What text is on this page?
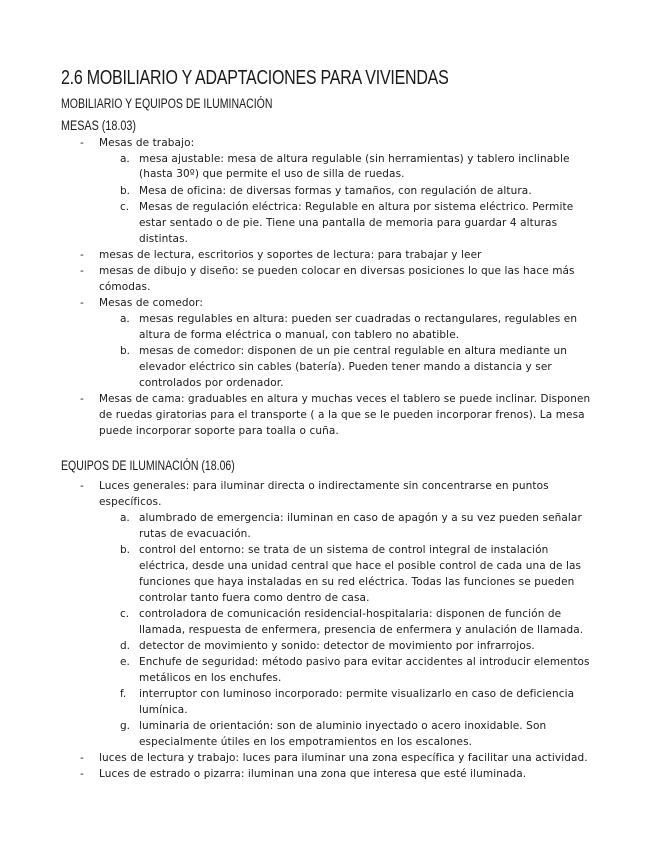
2.6 MOBILIARIO Y ADAPTACIONES PARA VIVIENDAS
MOBILIARIO Y EQUIPOS DE ILUMINACIÓN
MESAS (18.03)
- Mesas de trabajo:
a. mesa ajustable: mesa de altura regulable (sin herramientas) y tablero inclinable
(hasta 30º) que permite el uso de silla de ruedas.
b. Mesa de oficina: de diversas formas y tamaños, con regulación de altura.
c. Mesas de regulación eléctrica: Regulable en altura por sistema eléctrico. Permite
estar sentado o de pie. Tiene una pantalla de memoria para guardar 4 alturas
distintas.
- mesas de lectura, escritorios y soportes de lectura: para trabajar y leer
- mesas de dibujo y diseño: se pueden colocar en diversas posiciones lo que las hace más
cómodas.
- Mesas de comedor:
a. mesas regulables en altura: pueden ser cuadradas o rectangulares, regulables en
altura de forma eléctrica o manual, con tablero no abatible.
b. mesas de comedor: disponen de un pie central regulable en altura mediante un
elevador eléctrico sin cables (batería). Pueden tener mando a distancia y ser
controlados por ordenador.
- Mesas de cama: graduables en altura y muchas veces el tablero se puede inclinar. Disponen
de ruedas giratorias para el transporte ( a la que se le pueden incorporar frenos). La mesa
puede incorporar soporte para toalla o cuña.
EQUIPOS DE ILUMINACIÓN (18.06)
- Luces generales: para iluminar directa o indirectamente sin concentrarse en puntos
específicos.
a. alumbrado de emergencia: iluminan en caso de apagón y a su vez pueden señalar
rutas de evacuación.
b. control del entorno: se trata de un sistema de control integral de instalación
eléctrica, desde una unidad central que hace el posible control de cada una de las
funciones que haya instaladas en su red eléctrica. Todas las funciones se pueden
controlar tanto fuera como dentro de casa.
c. controladora de comunicación residencial-hospitalaria: disponen de función de
llamada, respuesta de enfermera, presencia de enfermera y anulación de llamada.
d. detector de movimiento y sonido: detector de movimiento por infrarrojos.
e. Enchufe de seguridad: método pasivo para evitar accidentes al introducir elementos
metálicos en los enchufes.
f. interruptor con luminoso incorporado: permite visualizarlo en caso de deficiencia
lumínica.
g. luminaria de orientación: son de aluminio inyectado o acero inoxidable. Son
especialmente útiles en los empotramientos en los escalones.
- luces de lectura y trabajo: luces para iluminar una zona específica y facilitar una actividad.
- Luces de estrado o pizarra: iluminan una zona que interesa que esté iluminada.
